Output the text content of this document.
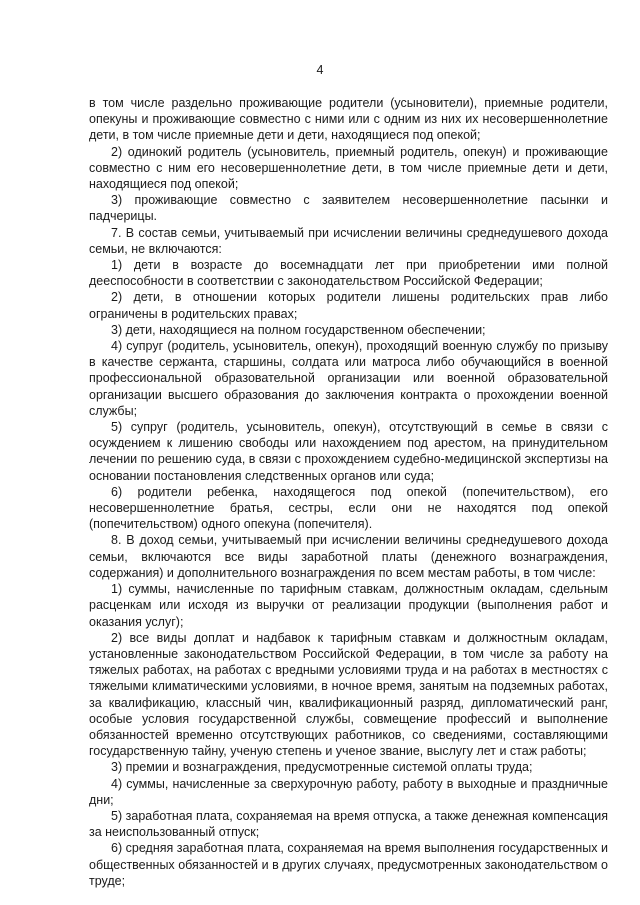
4

в том числе раздельно проживающие родители (усыновители), приемные родители, опекуны и проживающие совместно с ними или с одним из них их несовершеннолетние дети, в том числе приемные дети и дети, находящиеся под опекой;

2) одинокий родитель (усыновитель, приемный родитель, опекун) и проживающие совместно с ним его несовершеннолетние дети, в том числе приемные дети и дети, находящиеся под опекой;

3) проживающие совместно с заявителем несовершеннолетние пасынки и падчерицы.

7. В состав семьи, учитываемый при исчислении величины среднедушевого дохода семьи, не включаются:

1) дети в возрасте до восемнадцати лет при приобретении ими полной дееспособности в соответствии с законодательством Российской Федерации;

2) дети, в отношении которых родители лишены родительских прав либо ограничены в родительских правах;

3) дети, находящиеся на полном государственном обеспечении;

4) супруг (родитель, усыновитель, опекун), проходящий военную службу по призыву в качестве сержанта, старшины, солдата или матроса либо обучающийся в военной профессиональной образовательной организации или военной образовательной организации высшего образования до заключения контракта о прохождении военной службы;

5) супруг (родитель, усыновитель, опекун), отсутствующий в семье в связи с осуждением к лишению свободы или нахождением под арестом, на принудительном лечении по решению суда, в связи с прохождением судебно-медицинской экспертизы на основании постановления следственных органов или суда;

6) родители ребенка, находящегося под опекой (попечительством), его несовершеннолетние братья, сестры, если они не находятся под опекой (попечительством) одного опекуна (попечителя).

8. В доход семьи, учитываемый при исчислении величины среднедушевого дохода семьи, включаются все виды заработной платы (денежного вознаграждения, содержания) и дополнительного вознаграждения по всем местам работы, в том числе:

1) суммы, начисленные по тарифным ставкам, должностным окладам, сдельным расценкам или исходя из выручки от реализации продукции (выполнения работ и оказания услуг);

2) все виды доплат и надбавок к тарифным ставкам и должностным окладам, установленные законодательством Российской Федерации, в том числе за работу на тяжелых работах, на работах с вредными условиями труда и на работах в местностях с тяжелыми климатическими условиями, в ночное время, занятым на подземных работах, за квалификацию, классный чин, квалификационный разряд, дипломатический ранг, особые условия государственной службы, совмещение профессий и выполнение обязанностей временно отсутствующих работников, со сведениями, составляющими государственную тайну, ученую степень и ученое звание, выслугу лет и стаж работы;

3) премии и вознаграждения, предусмотренные системой оплаты труда;

4) суммы, начисленные за сверхурочную работу, работу в выходные и праздничные дни;

5) заработная плата, сохраняемая на время отпуска, а также денежная компенсация за неиспользованный отпуск;

6) средняя заработная плата, сохраняемая на время выполнения государственных и общественных обязанностей и в других случаях, предусмотренных законодательством о труде;
